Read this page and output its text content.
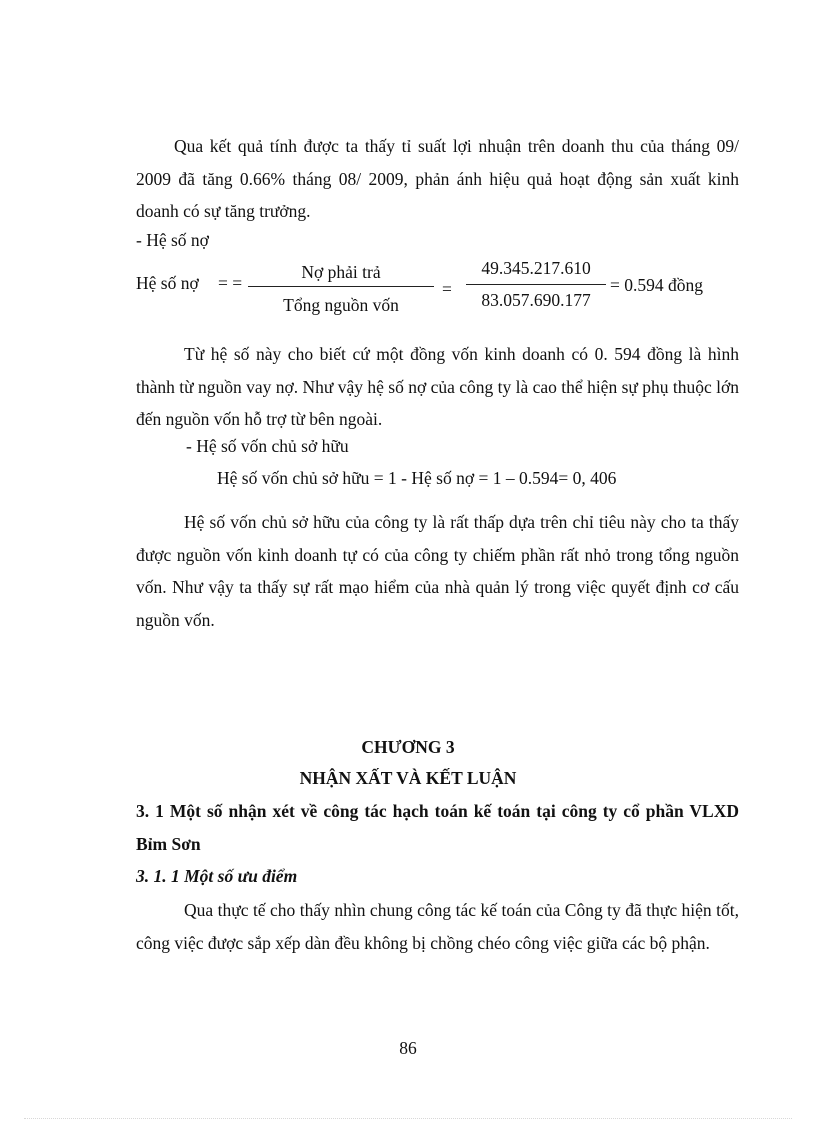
Qua kết quả tính được ta thấy tỉ suất lợi nhuận trên doanh thu của tháng 09/ 2009 đã tăng 0.66% tháng 08/ 2009, phản ánh hiệu quả hoạt động sản xuất kinh doanh có sự tăng trưởng.
- Hệ số nợ
Hệ số nợ = =
Nợ phải trả
Tổng nguồn vốn
=
49.345.217.610
83.057.690.177
= 0.594 đồng
Từ hệ số này cho biết cứ một đồng vốn kinh doanh có 0. 594 đồng là hình thành từ nguồn vay nợ. Như vậy hệ số nợ của công ty là cao thể hiện sự phụ thuộc lớn đến nguồn vốn hỗ trợ từ bên ngoài.
- Hệ số vốn chủ sở hữu
Hệ số vốn chủ sở hữu = 1 - Hệ số nợ = 1 – 0.594= 0, 406
Hệ số vốn chủ sở hữu của công ty là rất thấp dựa trên chỉ tiêu này cho ta thấy được nguồn vốn kinh doanh tự có của công ty chiếm phần rất nhỏ trong tổng nguồn vốn. Như vậy ta thấy sự rất mạo hiểm của nhà quản lý trong việc quyết định cơ cấu nguồn vốn.
CHƯƠNG 3
NHẬN XẤT VÀ KẾT LUẬN
3. 1 Một số nhận xét về công tác hạch toán kế toán tại công ty cổ phần VLXD Bỉm Sơn
3. 1. 1 Một số ưu điểm
Qua thực tế cho thấy nhìn chung công tác kế toán của Công ty đã thực hiện tốt, công việc được sắp xếp dàn đều không bị chồng chéo công việc giữa các bộ phận.
86
